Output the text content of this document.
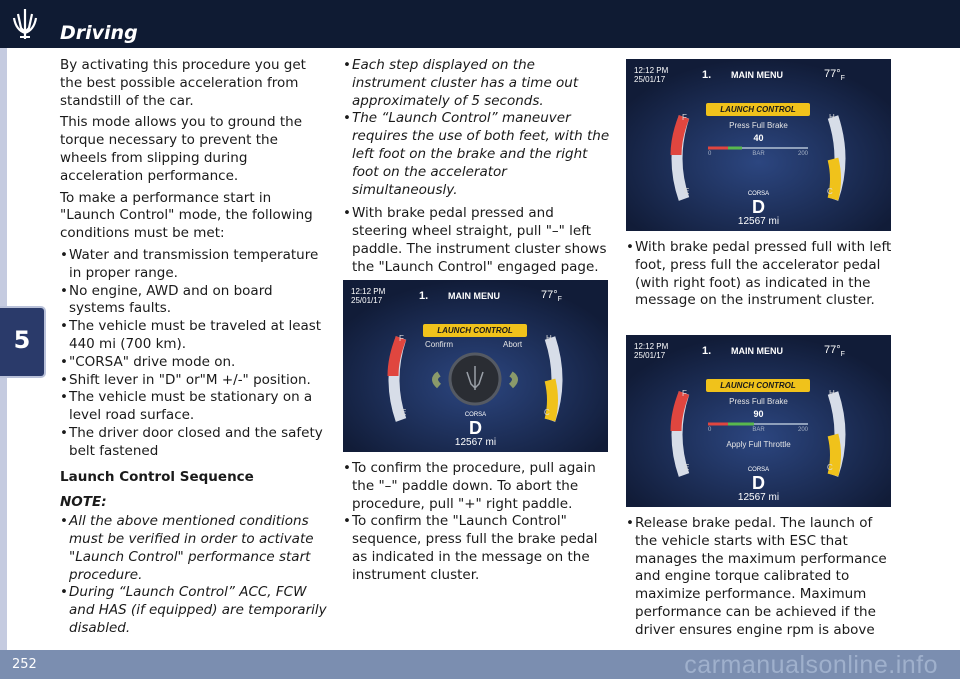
Driving
5

By activating this procedure you get the best possible acceleration from standstill of the car.

This mode allows you to ground the torque necessary to prevent the wheels from slipping during acceleration performance.

To make a performance start in "Launch Control" mode, the following conditions must be met:

• Water and transmission temperature in proper range.
• No engine, AWD and on board systems faults.
• The vehicle must be traveled at least 440 mi (700 km).
• "CORSA" drive mode on.
• Shift lever in "D" or"M +/-" position.
• The vehicle must be stationary on a level road surface.
• The driver door closed and the safety belt fastened
Launch Control Sequence
NOTE:
• All the above mentioned conditions must be verified in order to activate "Launch Control" performance start procedure.
• During “Launch Control” ACC, FCW and HAS (if equipped) are temporarily disabled.
• Each step displayed on the instrument cluster has a time out approximately of 5 seconds.
• The “Launch Control” maneuver requires the use of both feet, with the left foot on the brake and the right foot on the accelerator simultaneously.
• With brake pedal pressed and steering wheel straight, pull "–" left paddle. The instrument cluster shows the "Launch Control" engaged page.
12:12 PM
25/01/17	1. MAIN MENU	$77^\circ_F$
LAUNCH CONTROL
Confirm	Abort
F
E
H
C
CORSA
D
12567 mi
• To confirm the procedure, pull again the "–" paddle down. To abort the procedure, pull "+" right paddle.
• To confirm the "Launch Control" sequence, press full the brake pedal as indicated in the message on the instrument cluster.
12:12 PM
25/01/17	1. MAIN MENU	$77^\circ_F$
LAUNCH CONTROL
Press Full Brake
40
0	BAR	200
F
E
H
C
CORSA
D
12567 mi
• With brake pedal pressed full with left foot, press full the accelerator pedal (with right foot) as indicated in the message on the instrument cluster.
12:12 PM
25/01/17	1. MAIN MENU	$77^\circ_F$
LAUNCH CONTROL
Press Full Brake
90
0	BAR	200
Apply Full Throttle
F
E
H
C
CORSA
D
12567 mi
• Release brake pedal. The launch of the vehicle starts with ESC that manages the maximum performance and engine torque calibrated to maximize performance. Maximum performance can be achieved if the driver ensures engine rpm is above
252	carmanualsonline.info
